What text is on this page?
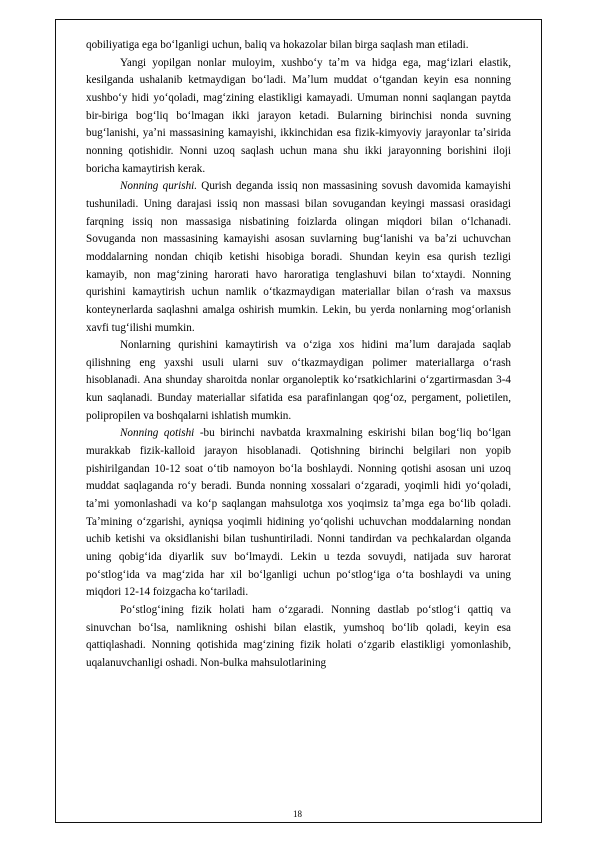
qobiliyatiga ega boʻlganligi uchun, baliq va hokazolar bilan birga saqlash man etiladi.

Yangi yopilgan nonlar muloyim, xushboʻy taʼm va hidga ega, magʻizlari elastik, kesilganda ushalanib ketmaydigan boʻladi. Maʼlum muddat oʻtgandan keyin esa nonning xushboʻy hidi yoʻqoladi, magʻzining elastikligi kamayadi. Umuman nonni saqlangan paytda bir-biriga bogʻliq boʻlmagan ikki jarayon ketadi. Bularning birinchisi nonda suvning bugʻlanishi, yaʼni massasining kamayishi, ikkinchidan esa fizik-kimyoviy jarayonlar taʼsirida nonning qotishidir. Nonni uzoq saqlash uchun mana shu ikki jarayonning borishini iloji boricha kamaytirish kerak.

Nonning qurishi. Qurish deganda issiq non massasining sovush davomida kamayishi tushuniladi. Uning darajasi issiq non massasi bilan sovugandan keyingi massasi orasidagi farqning issiq non massasiga nisbatining foizlarda olingan miqdori bilan oʻlchanadi. Sovuganda non massasining kamayishi asosan suvlarning bugʻlanishi va baʼzi uchuvchan moddalarning nondan chiqib ketishi hisobiga boradi. Shundan keyin esa qurish tezligi kamayib, non magʻzining harorati havo haroratiga tenglashuvi bilan toʻxtaydi. Nonning qurishini kamaytirish uchun namlik oʻtkazmaydigan materiallar bilan oʻrash va maxsus konteynerlarda saqlashni amalga oshirish mumkin. Lekin, bu yerda nonlarning mogʻorlanish xavfi tugʻilishi mumkin.

Nonlarning qurishini kamaytirish va oʻziga xos hidini maʼlum darajada saqlab qilishning eng yaxshi usuli ularni suv oʻtkazmaydigan polimer materiallarga oʻrash hisoblanadi. Ana shunday sharoitda nonlar organoleptik koʻrsatkichlarini oʻzgartirmasdan 3-4 kun saqlanadi. Bunday materiallar sifatida esa parafinlangan qogʻoz, pergament, polietilen, polipropilen va boshqalarni ishlatish mumkin.

Nonning qotishi -bu birinchi navbatda kraxmalning eskirishi bilan bogʻliq boʻlgan murakkab fizik-kalloid jarayon hisoblanadi. Qotishning birinchi belgilari non yopib pishirilgandan 10-12 soat oʻtib namoyon boʻla boshlaydi. Nonning qotishi asosan uni uzoq muddat saqlaganda roʻy beradi. Bunda nonning xossalari oʻzgaradi, yoqimli hidi yoʻqoladi, taʼmi yomonlashadi va koʻp saqlangan mahsulotga xos yoqimsiz taʼmga ega boʻlib qoladi. Taʼmining oʻzgarishi, ayniqsa yoqimli hidining yoʻqolishi uchuvchan moddalarning nondan uchib ketishi va oksidlanishi bilan tushuntiriladi. Nonni tandirdan va pechkalardan olganda uning qobigʻida diyarlik suv boʻlmaydi. Lekin u tezda sovuydi, natijada suv harorat poʻstlogʻida va magʻzida har xil boʻlganligi uchun poʻstlogʻiga oʻta boshlaydi va uning miqdori 12-14 foizgacha koʻtariladi.

Poʻstlogʻining fizik holati ham oʻzgaradi. Nonning dastlab poʻstlogʻi qattiq va sinuvchan boʻlsa, namlikning oshishi bilan elastik, yumshoq boʻlib qoladi, keyin esa qattiqlashadi. Nonning qotishida magʻzining fizik holati oʻzgarib elastikligi yomonlashib, uqalanuvchanligi oshadi. Non-bulka mahsulotlarining

18
